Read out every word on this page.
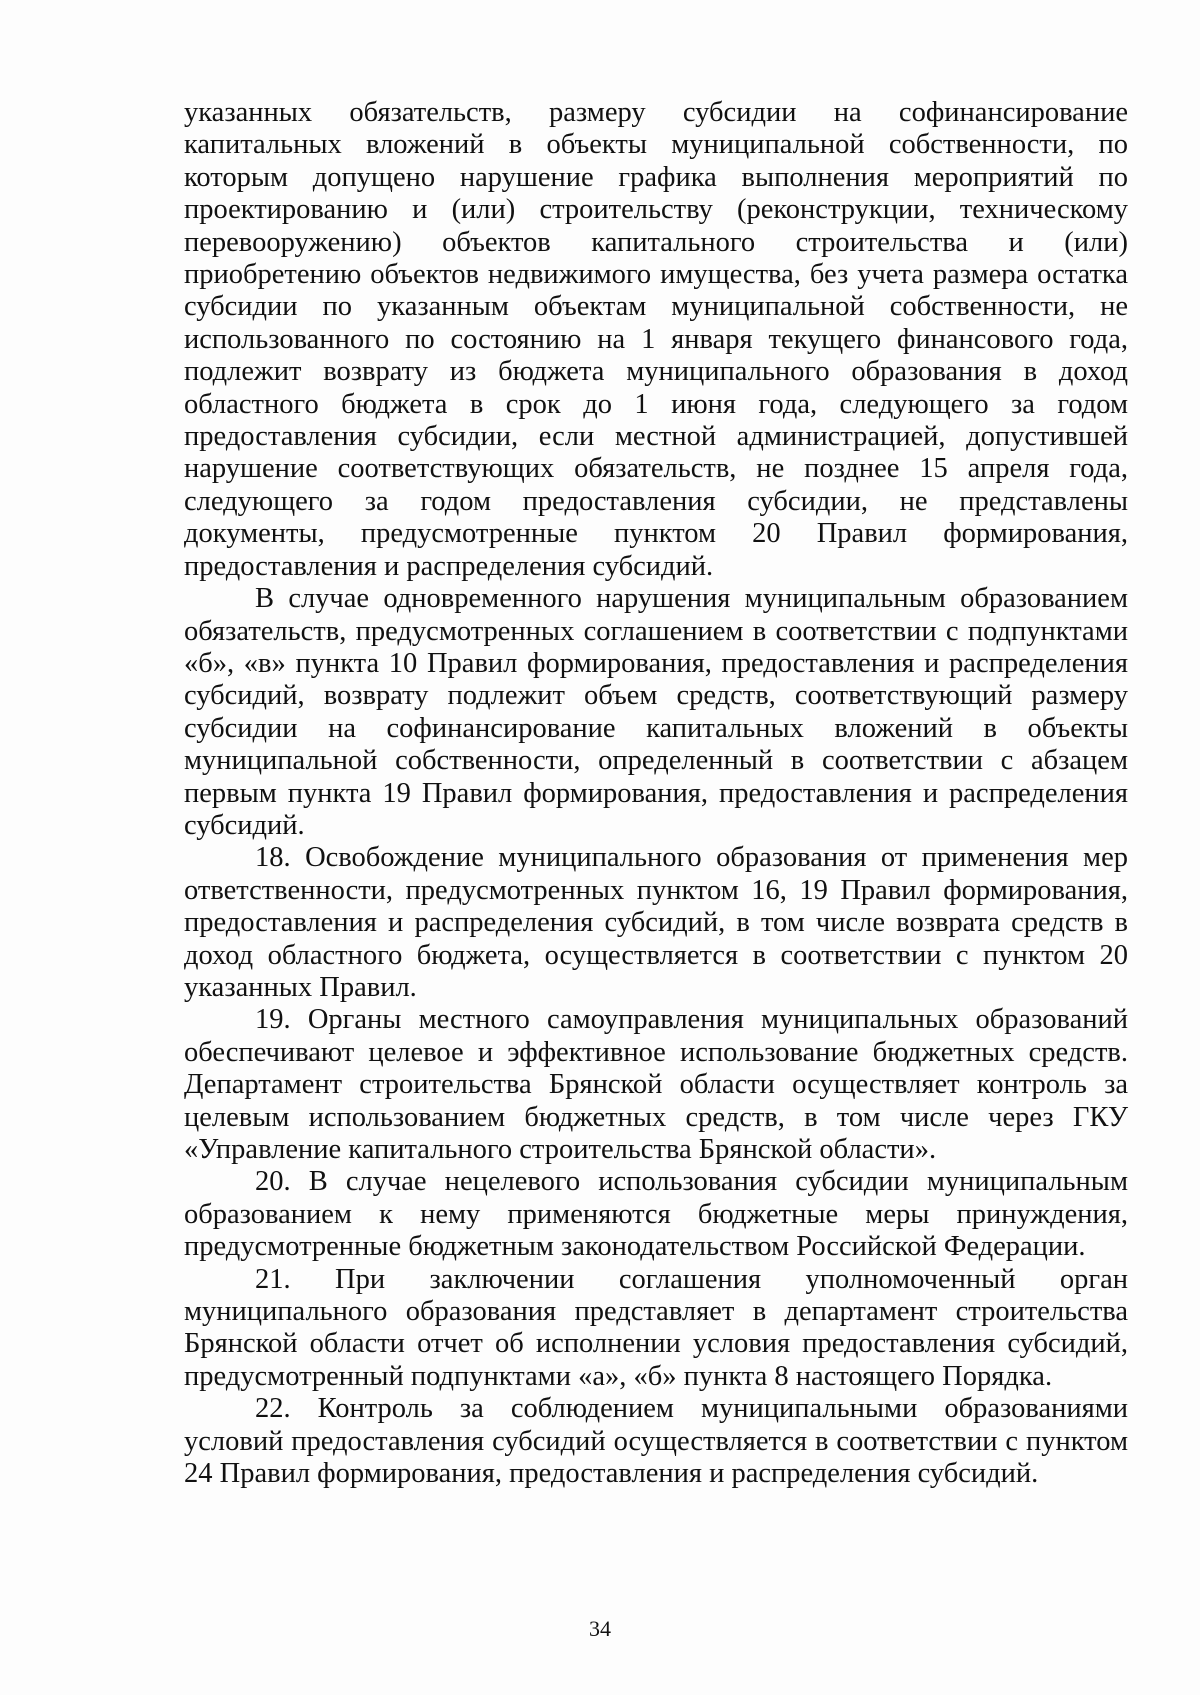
указанных обязательств, размеру субсидии на софинансирование капитальных вложений в объекты муниципальной собственности, по которым допущено нарушение графика выполнения мероприятий по проектированию и (или) строительству (реконструкции, техническому перевооружению) объектов капитального строительства и (или) приобретению объектов недвижимого имущества, без учета размера остатка субсидии по указанным объектам муниципальной собственности, не использованного по состоянию на 1 января текущего финансового года, подлежит возврату из бюджета муниципального образования в доход областного бюджета в срок до 1 июня года, следующего за годом предоставления субсидии, если местной администрацией, допустившей нарушение соответствующих обязательств, не позднее 15 апреля года, следующего за годом предоставления субсидии, не представлены документы, предусмотренные пунктом 20 Правил формирования, предоставления и распределения субсидий.

В случае одновременного нарушения муниципальным образованием обязательств, предусмотренных соглашением в соответствии с подпунктами «б», «в» пункта 10 Правил формирования, предоставления и распределения субсидий, возврату подлежит объем средств, соответствующий размеру субсидии на софинансирование капитальных вложений в объекты муниципальной собственности, определенный в соответствии с абзацем первым пункта 19 Правил формирования, предоставления и распределения субсидий.

18. Освобождение муниципального образования от применения мер ответственности, предусмотренных пунктом 16, 19 Правил формирования, предоставления и распределения субсидий, в том числе возврата средств в доход областного бюджета, осуществляется в соответствии с пунктом 20 указанных Правил.

19. Органы местного самоуправления муниципальных образований обеспечивают целевое и эффективное использование бюджетных средств. Департамент строительства Брянской области осуществляет контроль за целевым использованием бюджетных средств, в том числе через ГКУ «Управление капитального строительства Брянской области».

20. В случае нецелевого использования субсидии муниципальным образованием к нему применяются бюджетные меры принуждения, предусмотренные бюджетным законодательством Российской Федерации.

21. При заключении соглашения уполномоченный орган муниципального образования представляет в департамент строительства Брянской области отчет об исполнении условия предоставления субсидий, предусмотренный подпунктами «а», «б» пункта 8 настоящего Порядка.

22. Контроль за соблюдением муниципальными образованиями условий предоставления субсидий осуществляется в соответствии с пунктом 24 Правил формирования, предоставления и распределения субсидий.

34
